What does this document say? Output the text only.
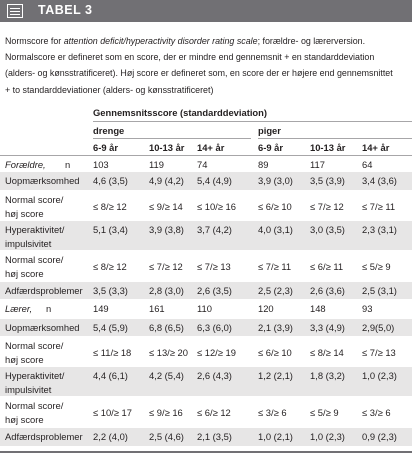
TABEL 3

Normscore for attention deficit/hyperactivity disorder rating scale; forældre- og lærerversion.

Normalscore er defineret som en score, der er mindre end gennemsnit + en standarddeviation

(alders- og kønsstratificeret). Høj score er defineret som, en score der er højere end gennemsnittet

+ to standarddeviationer (alders- og kønsstratificeret)

Gennemsnitsscore (standarddeviation)
drenge	piger
6-9 år	10-13 år 14+ år	6-9 år	10-13 år 14+ år
Forældre, n 103	119	74	89	117	64
Uopmærksomhed 4,6 (3,5) 4,9 (4,2) 5,4 (4,9)	3,9 (3,0) 3,5 (3,9) 3,4 (3,6)
Normal score/
høj score
≤ 8/≥ 12 ≤ 9/≥ 14 ≤ 10/≥ 16 ≤ 6/≥ 10 ≤ 7/≥ 12 ≤ 7/≥ 11
Hyperaktivitet/
impulsivitet
5,1 (3,4) 3,9 (3,8) 3,7 (4,2)	4,0 (3,1) 3,0 (3,5) 2,3 (3,1)
Normal score/
høj score
≤ 8/≥ 12 ≤ 7/≥ 12 ≤ 7/≥ 13	≤ 7/≥ 11 ≤ 6/≥ 11 ≤ 5/≥ 9
Adfærdsproblemer 3,5 (3,3) 2,8 (3,0) 2,6 (3,5)	2,5 (2,3) 2,6 (3,6) 2,5 (3,1)
Lærer, n	149	161	110	120	148	93
Uopmærksomhed 5,4 (5,9) 6,8 (6,5) 6,3 (6,0)	2,1 (3,9) 3,3 (4,9) 2,9(5,0)
Normal score/
høj score
≤ 11/≥ 18 ≤ 13/≥ 20 ≤ 12/≥ 19 ≤ 6/≥ 10 ≤ 8/≥ 14 ≤ 7/≥ 13
Hyperaktivitet/
impulsivitet
4,4 (6,1) 4,2 (5,4) 2,6 (4,3)	1,2 (2,1) 1,8 (3,2) 1,0 (2,3)
Normal score/
høj score
≤ 10/≥ 17 ≤ 9/≥ 16 ≤ 6/≥ 12	≤ 3/≥ 6 ≤ 5/≥ 9 ≤ 3/≥ 6
Adfærdsproblemer 2,2 (4,0) 2,5 (4,6) 2,1 (3,5)	1,0 (2,1) 1,0 (2,3) 0,9 (2,3)
